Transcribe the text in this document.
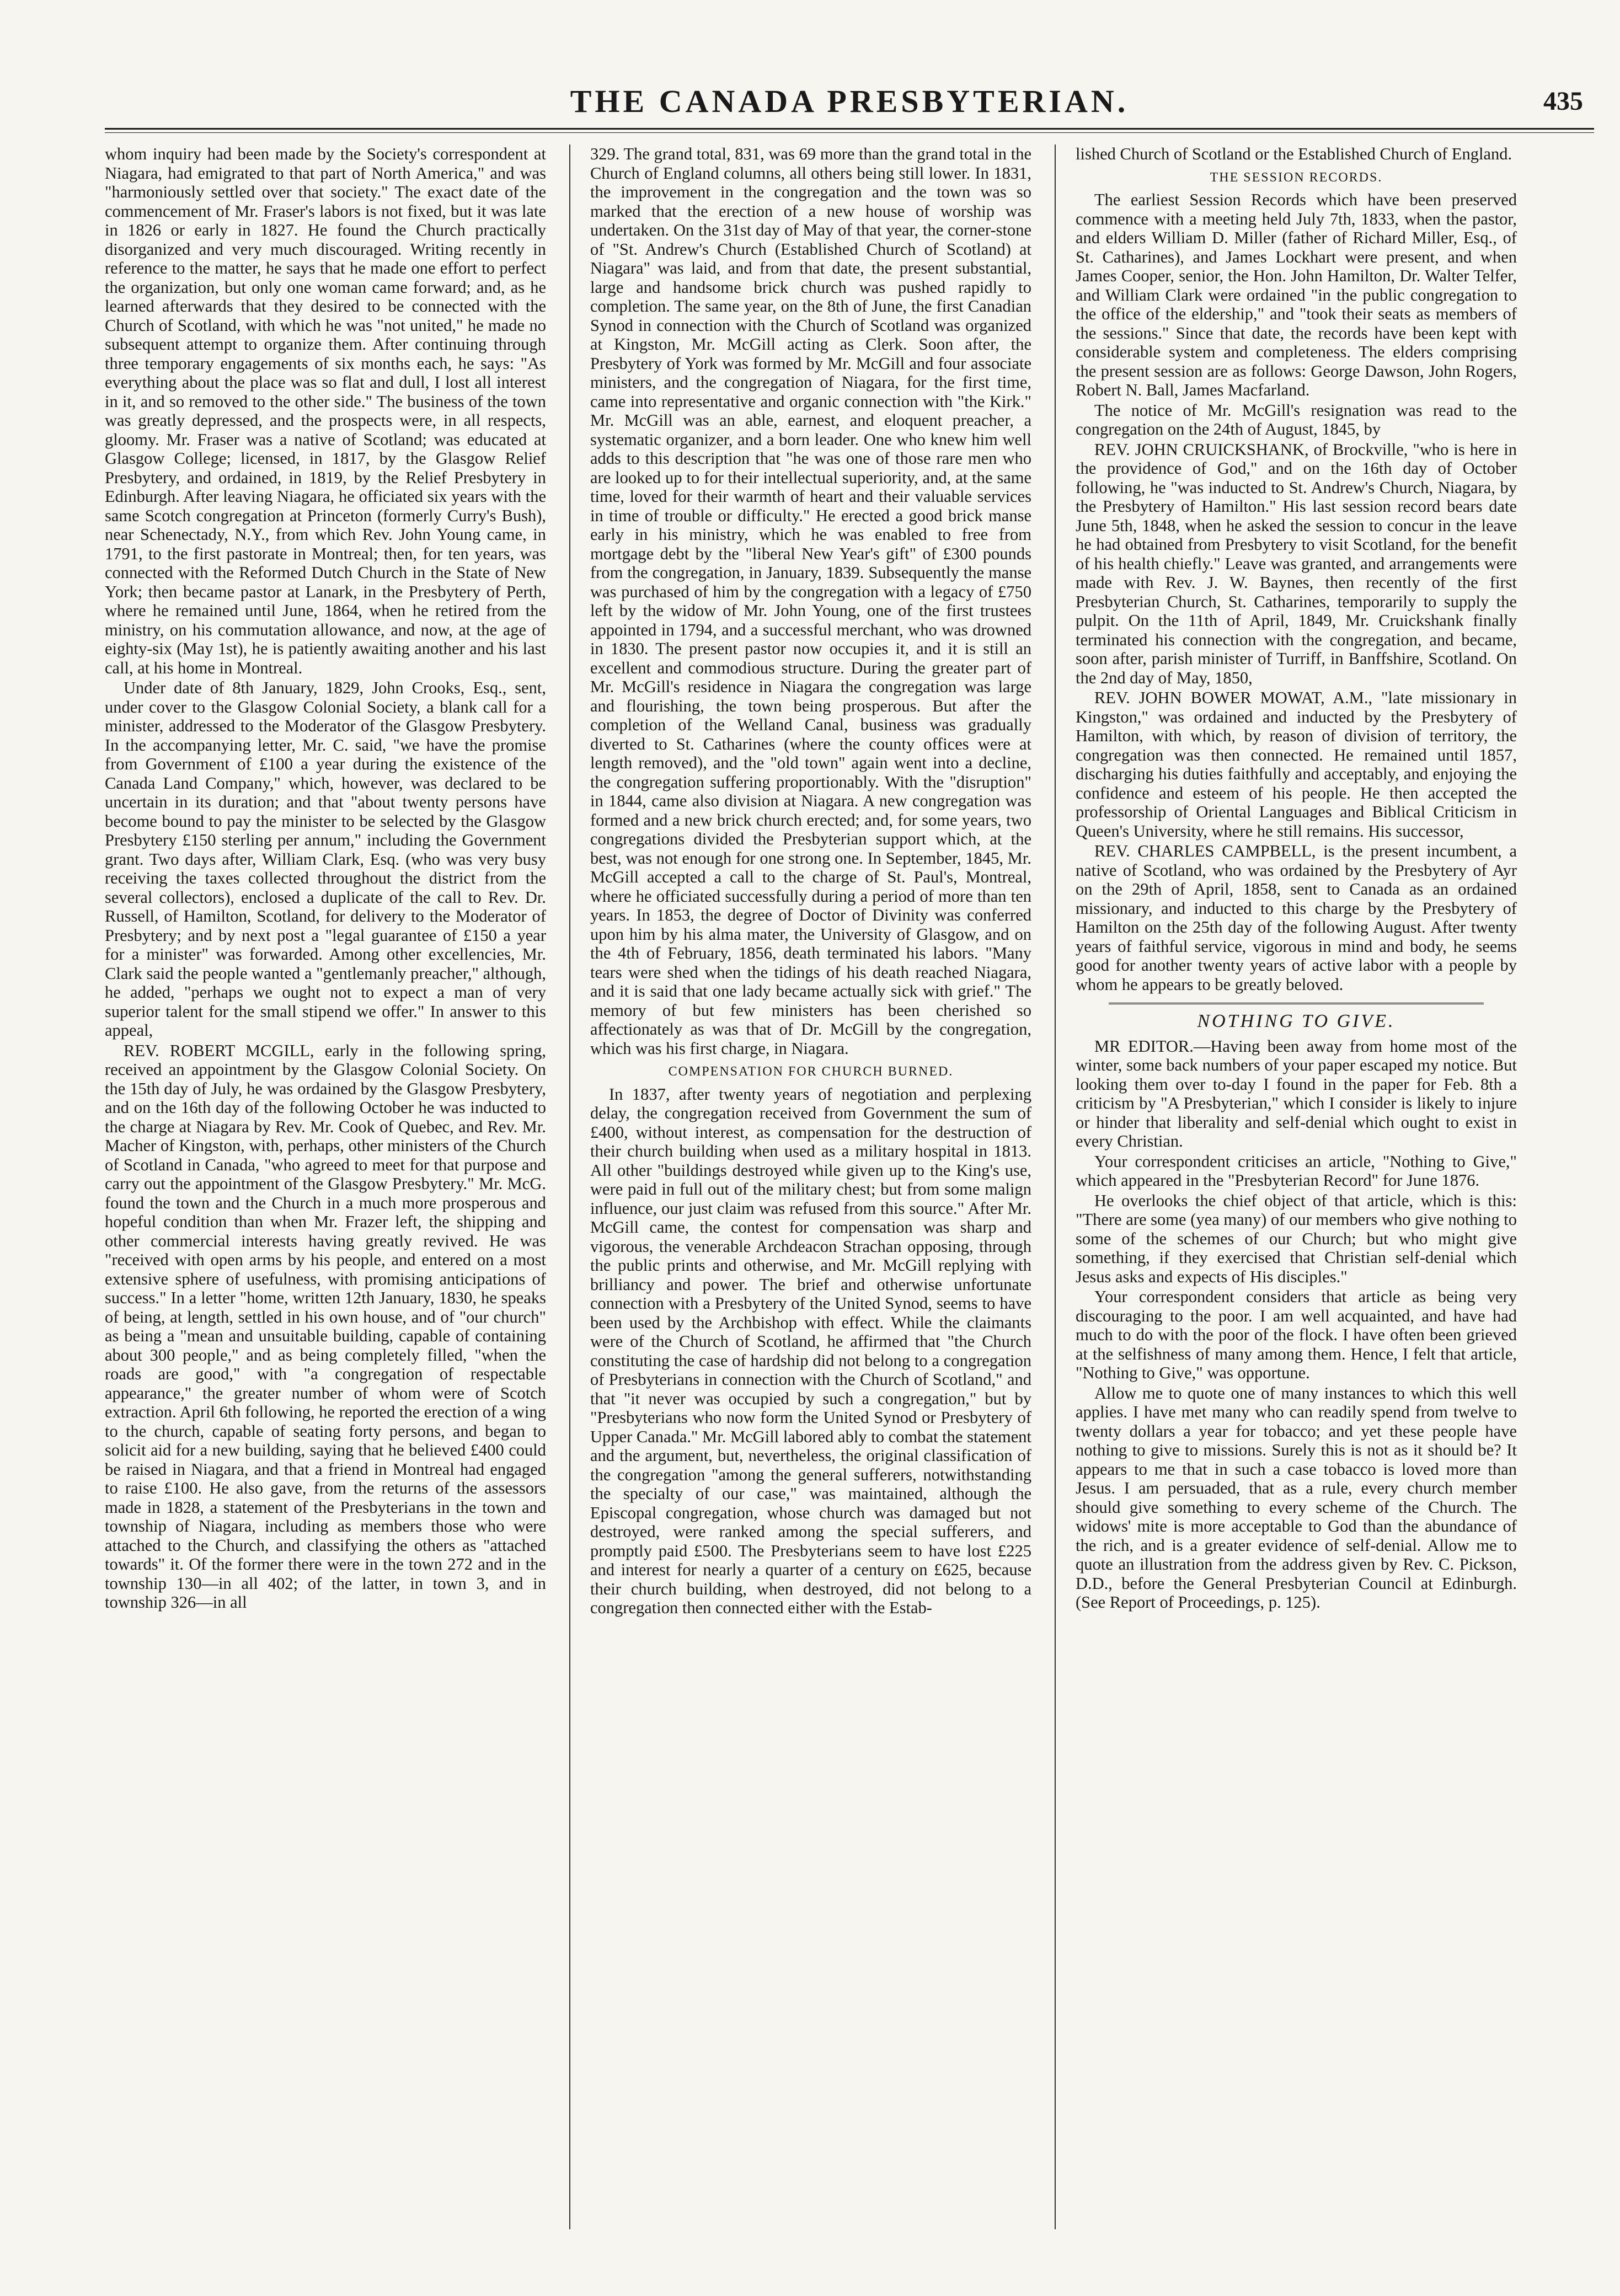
THE CANADA PRESBYTERIAN.	435

whom inquiry had been made by the Society's correspondent at Niagara, had emigrated to that part of North America," and was "harmoniously settled over that society." The exact date of the commencement of Mr. Fraser's labors is not fixed, but it was late in 1826 or early in 1827. He found the Church practically disorganized and very much discouraged. Writing recently in reference to the matter, he says that he made one effort to perfect the organization, but only one woman came forward; and, as he learned afterwards that they desired to be connected with the Church of Scotland, with which he was "not united," he made no subsequent attempt to organize them. After continuing through three temporary engagements of six months each, he says: "As everything about the place was so flat and dull, I lost all interest in it, and so removed to the other side." The business of the town was greatly depressed, and the prospects were, in all respects, gloomy. Mr. Fraser was a native of Scotland; was educated at Glasgow College; licensed, in 1817, by the Glasgow Relief Presbytery, and ordained, in 1819, by the Relief Presbytery in Edinburgh. After leaving Niagara, he officiated six years with the same Scotch congregation at Princeton (formerly Curry's Bush), near Schenectady, N.Y., from which Rev. John Young came, in 1791, to the first pastorate in Montreal; then, for ten years, was connected with the Reformed Dutch Church in the State of New York; then became pastor at Lanark, in the Presbytery of Perth, where he remained until June, 1864, when he retired from the ministry, on his commutation allowance, and now, at the age of eighty-six (May 1st), he is patiently awaiting another and his last call, at his home in Montreal.

Under date of 8th January, 1829, John Crooks, Esq., sent, under cover to the Glasgow Colonial Society, a blank call for a minister, addressed to the Moderator of the Glasgow Presbytery. In the accompanying letter, Mr. C. said, "we have the promise from Government of £100 a year during the existence of the Canada Land Company," which, however, was declared to be uncertain in its duration; and that "about twenty persons have become bound to pay the minister to be selected by the Glasgow Presbytery £150 sterling per annum," including the Government grant. Two days after, William Clark, Esq. (who was very busy receiving the taxes collected throughout the district from the several collectors), enclosed a duplicate of the call to Rev. Dr. Russell, of Hamilton, Scotland, for delivery to the Moderator of Presbytery; and by next post a "legal guarantee of £150 a year for a minister" was forwarded. Among other excellencies, Mr. Clark said the people wanted a "gentlemanly preacher," although, he added, "perhaps we ought not to expect a man of very superior talent for the small stipend we offer." In answer to this appeal,

REV. ROBERT MCGILL, early in the following spring, received an appointment by the Glasgow Colonial Society. On the 15th day of July, he was ordained by the Glasgow Presbytery, and on the 16th day of the following October he was inducted to the charge at Niagara by Rev. Mr. Cook of Quebec, and Rev. Mr. Macher of Kingston, with, perhaps, other ministers of the Church of Scotland in Canada, "who agreed to meet for that purpose and carry out the appointment of the Glasgow Presbytery." Mr. McG. found the town and the Church in a much more prosperous and hopeful condition than when Mr. Frazer left, the shipping and other commercial interests having greatly revived. He was "received with open arms by his people, and entered on a most extensive sphere of usefulness, with promising anticipations of success." In a letter "home, written 12th January, 1830, he speaks of being, at length, settled in his own house, and of "our church" as being a "mean and unsuitable building, capable of containing about 300 people," and as being completely filled, "when the roads are good," with "a congregation of respectable appearance," the greater number of whom were of Scotch extraction. April 6th following, he reported the erection of a wing to the church, capable of seating forty persons, and began to solicit aid for a new building, saying that he believed £400 could be raised in Niagara, and that a friend in Montreal had engaged to raise £100. He also gave, from the returns of the assessors made in 1828, a statement of the Presbyterians in the town and township of Niagara, including as members those who were attached to the Church, and classifying the others as "attached towards" it. Of the former there were in the town 272 and in the township 130—in all 402; of the latter, in town 3, and in township 326—in all

329. The grand total, 831, was 69 more than the grand total in the Church of England columns, all others being still lower. In 1831, the improvement in the congregation and the town was so marked that the erection of a new house of worship was undertaken. On the 31st day of May of that year, the corner-stone of "St. Andrew's Church (Established Church of Scotland) at Niagara" was laid, and from that date, the present substantial, large and handsome brick church was pushed rapidly to completion. The same year, on the 8th of June, the first Canadian Synod in connection with the Church of Scotland was organized at Kingston, Mr. McGill acting as Clerk. Soon after, the Presbytery of York was formed by Mr. McGill and four associate ministers, and the congregation of Niagara, for the first time, came into representative and organic connection with "the Kirk." Mr. McGill was an able, earnest, and eloquent preacher, a systematic organizer, and a born leader. One who knew him well adds to this description that "he was one of those rare men who are looked up to for their intellectual superiority, and, at the same time, loved for their warmth of heart and their valuable services in time of trouble or difficulty." He erected a good brick manse early in his ministry, which he was enabled to free from mortgage debt by the "liberal New Year's gift" of £300 pounds from the congregation, in January, 1839. Subsequently the manse was purchased of him by the congregation with a legacy of £750 left by the widow of Mr. John Young, one of the first trustees appointed in 1794, and a successful merchant, who was drowned in 1830. The present pastor now occupies it, and it is still an excellent and commodious structure. During the greater part of Mr. McGill's residence in Niagara the congregation was large and flourishing, the town being prosperous. But after the completion of the Welland Canal, business was gradually diverted to St. Catharines (where the county offices were at length removed), and the "old town" again went into a decline, the congregation suffering proportionably. With the "disruption" in 1844, came also division at Niagara. A new congregation was formed and a new brick church erected; and, for some years, two congregations divided the Presbyterian support which, at the best, was not enough for one strong one. In September, 1845, Mr. McGill accepted a call to the charge of St. Paul's, Montreal, where he officiated successfully during a period of more than ten years. In 1853, the degree of Doctor of Divinity was conferred upon him by his alma mater, the University of Glasgow, and on the 4th of February, 1856, death terminated his labors. "Many tears were shed when the tidings of his death reached Niagara, and it is said that one lady became actually sick with grief." The memory of but few ministers has been cherished so affectionately as was that of Dr. McGill by the congregation, which was his first charge, in Niagara.

COMPENSATION FOR CHURCH BURNED.

In 1837, after twenty years of negotiation and perplexing delay, the congregation received from Government the sum of £400, without interest, as compensation for the destruction of their church building when used as a military hospital in 1813. All other "buildings destroyed while given up to the King's use, were paid in full out of the military chest; but from some malign influence, our just claim was refused from this source." After Mr. McGill came, the contest for compensation was sharp and vigorous, the venerable Archdeacon Strachan opposing, through the public prints and otherwise, and Mr. McGill replying with brilliancy and power. The brief and otherwise unfortunate connection with a Presbytery of the United Synod, seems to have been used by the Archbishop with effect. While the claimants were of the Church of Scotland, he affirmed that "the Church constituting the case of hardship did not belong to a congregation of Presbyterians in connection with the Church of Scotland," and that "it never was occupied by such a congregation," but by "Presbyterians who now form the United Synod or Presbytery of Upper Canada." Mr. McGill labored ably to combat the statement and the argument, but, nevertheless, the original classification of the congregation "among the general sufferers, notwithstanding the specialty of our case," was maintained, although the Episcopal congregation, whose church was damaged but not destroyed, were ranked among the special sufferers, and promptly paid £500. The Presbyterians seem to have lost £225 and interest for nearly a quarter of a century on £625, because their church building, when destroyed, did not belong to a congregation then connected either with the Estab-

lished Church of Scotland or the Established Church of England.

THE SESSION RECORDS.

The earliest Session Records which have been preserved commence with a meeting held July 7th, 1833, when the pastor, and elders William D. Miller (father of Richard Miller, Esq., of St. Catharines), and James Lockhart were present, and when James Cooper, senior, the Hon. John Hamilton, Dr. Walter Telfer, and William Clark were ordained "in the public congregation to the office of the eldership," and "took their seats as members of the sessions." Since that date, the records have been kept with considerable system and completeness. The elders comprising the present session are as follows: George Dawson, John Rogers, Robert N. Ball, James Macfarland.

The notice of Mr. McGill's resignation was read to the congregation on the 24th of August, 1845, by

REV. JOHN CRUICKSHANK, of Brockville, "who is here in the providence of God," and on the 16th day of October following, he "was inducted to St. Andrew's Church, Niagara, by the Presbytery of Hamilton." His last session record bears date June 5th, 1848, when he asked the session to concur in the leave he had obtained from Presbytery to visit Scotland, for the benefit of his health chiefly." Leave was granted, and arrangements were made with Rev. J. W. Baynes, then recently of the first Presbyterian Church, St. Catharines, temporarily to supply the pulpit. On the 11th of April, 1849, Mr. Cruickshank finally terminated his connection with the congregation, and became, soon after, parish minister of Turriff, in Banffshire, Scotland. On the 2nd day of May, 1850,

REV. JOHN BOWER MOWAT, A.M., "late missionary in Kingston," was ordained and inducted by the Presbytery of Hamilton, with which, by reason of division of territory, the congregation was then connected. He remained until 1857, discharging his duties faithfully and acceptably, and enjoying the confidence and esteem of his people. He then accepted the professorship of Oriental Languages and Biblical Criticism in Queen's University, where he still remains. His successor,

REV. CHARLES CAMPBELL, is the present incumbent, a native of Scotland, who was ordained by the Presbytery of Ayr on the 29th of April, 1858, sent to Canada as an ordained missionary, and inducted to this charge by the Presbytery of Hamilton on the 25th day of the following August. After twenty years of faithful service, vigorous in mind and body, he seems good for another twenty years of active labor with a people by whom he appears to be greatly beloved.

NOTHING TO GIVE.

MR EDITOR.—Having been away from home most of the winter, some back numbers of your paper escaped my notice. But looking them over to-day I found in the paper for Feb. 8th a criticism by "A Presbyterian," which I consider is likely to injure or hinder that liberality and self-denial which ought to exist in every Christian.

Your correspondent criticises an article, "Nothing to Give," which appeared in the "Presbyterian Record" for June 1876.

He overlooks the chief object of that article, which is this: "There are some (yea many) of our members who give nothing to some of the schemes of our Church; but who might give something, if they exercised that Christian self-denial which Jesus asks and expects of His disciples."

Your correspondent considers that article as being very discouraging to the poor. I am well acquainted, and have had much to do with the poor of the flock. I have often been grieved at the selfishness of many among them. Hence, I felt that article, "Nothing to Give," was opportune.

Allow me to quote one of many instances to which this well applies. I have met many who can readily spend from twelve to twenty dollars a year for tobacco; and yet these people have nothing to give to missions. Surely this is not as it should be? It appears to me that in such a case tobacco is loved more than Jesus. I am persuaded, that as a rule, every church member should give something to every scheme of the Church. The widows' mite is more acceptable to God than the abundance of the rich, and is a greater evidence of self-denial. Allow me to quote an illustration from the address given by Rev. C. Pickson, D.D., before the General Presbyterian Council at Edinburgh. (See Report of Proceedings, p. 125).
